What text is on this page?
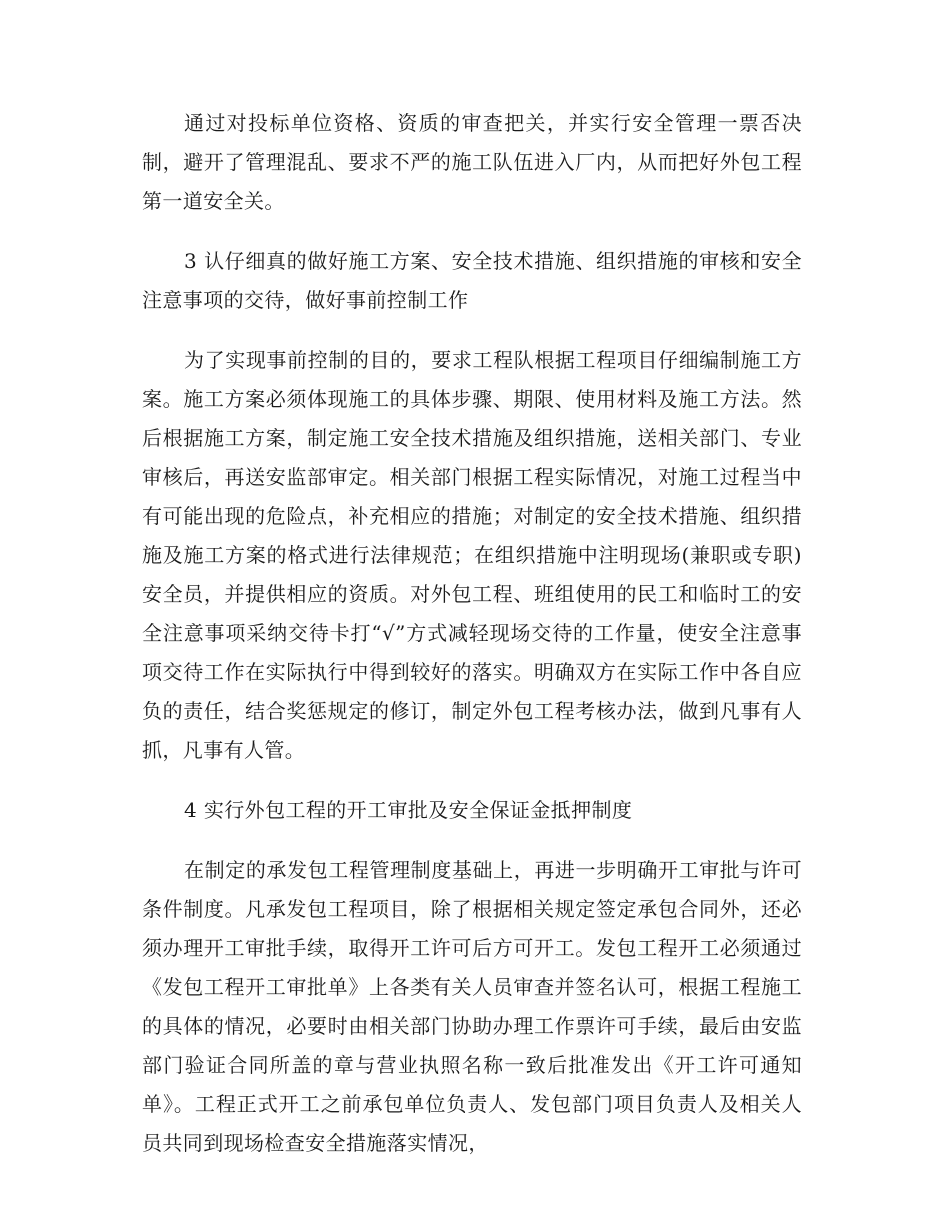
通过对投标单位资格、资质的审查把关，并实行安全管理一票否决制，避开了管理混乱、要求不严的施工队伍进入厂内，从而把好外包工程第一道安全关。

3 认仔细真的做好施工方案、安全技术措施、组织措施的审核和安全注意事项的交待，做好事前控制工作

为了实现事前控制的目的，要求工程队根据工程项目仔细编制施工方案。施工方案必须体现施工的具体步骤、期限、使用材料及施工方法。然后根据施工方案，制定施工安全技术措施及组织措施，送相关部门、专业审核后，再送安监部审定。相关部门根据工程实际情况，对施工过程当中有可能出现的危险点，补充相应的措施；对制定的安全技术措施、组织措施及施工方案的格式进行法律规范；在组织措施中注明现场(兼职或专职)安全员，并提供相应的资质。对外包工程、班组使用的民工和临时工的安全注意事项采纳交待卡打“√”方式减轻现场交待的工作量，使安全注意事项交待工作在实际执行中得到较好的落实。明确双方在实际工作中各自应负的责任，结合奖惩规定的修订，制定外包工程考核办法，做到凡事有人抓，凡事有人管。

4 实行外包工程的开工审批及安全保证金抵押制度

在制定的承发包工程管理制度基础上，再进一步明确开工审批与许可条件制度。凡承发包工程项目，除了根据相关规定签定承包合同外，还必须办理开工审批手续，取得开工许可后方可开工。发包工程开工必须通过《发包工程开工审批单》上各类有关人员审查并签名认可，根据工程施工的具体的情况，必要时由相关部门协助办理工作票许可手续，最后由安监部门验证合同所盖的章与营业执照名称一致后批准发出《开工许可通知单》。工程正式开工之前承包单位负责人、发包部门项目负责人及相关人员共同到现场检查安全措施落实情况，
